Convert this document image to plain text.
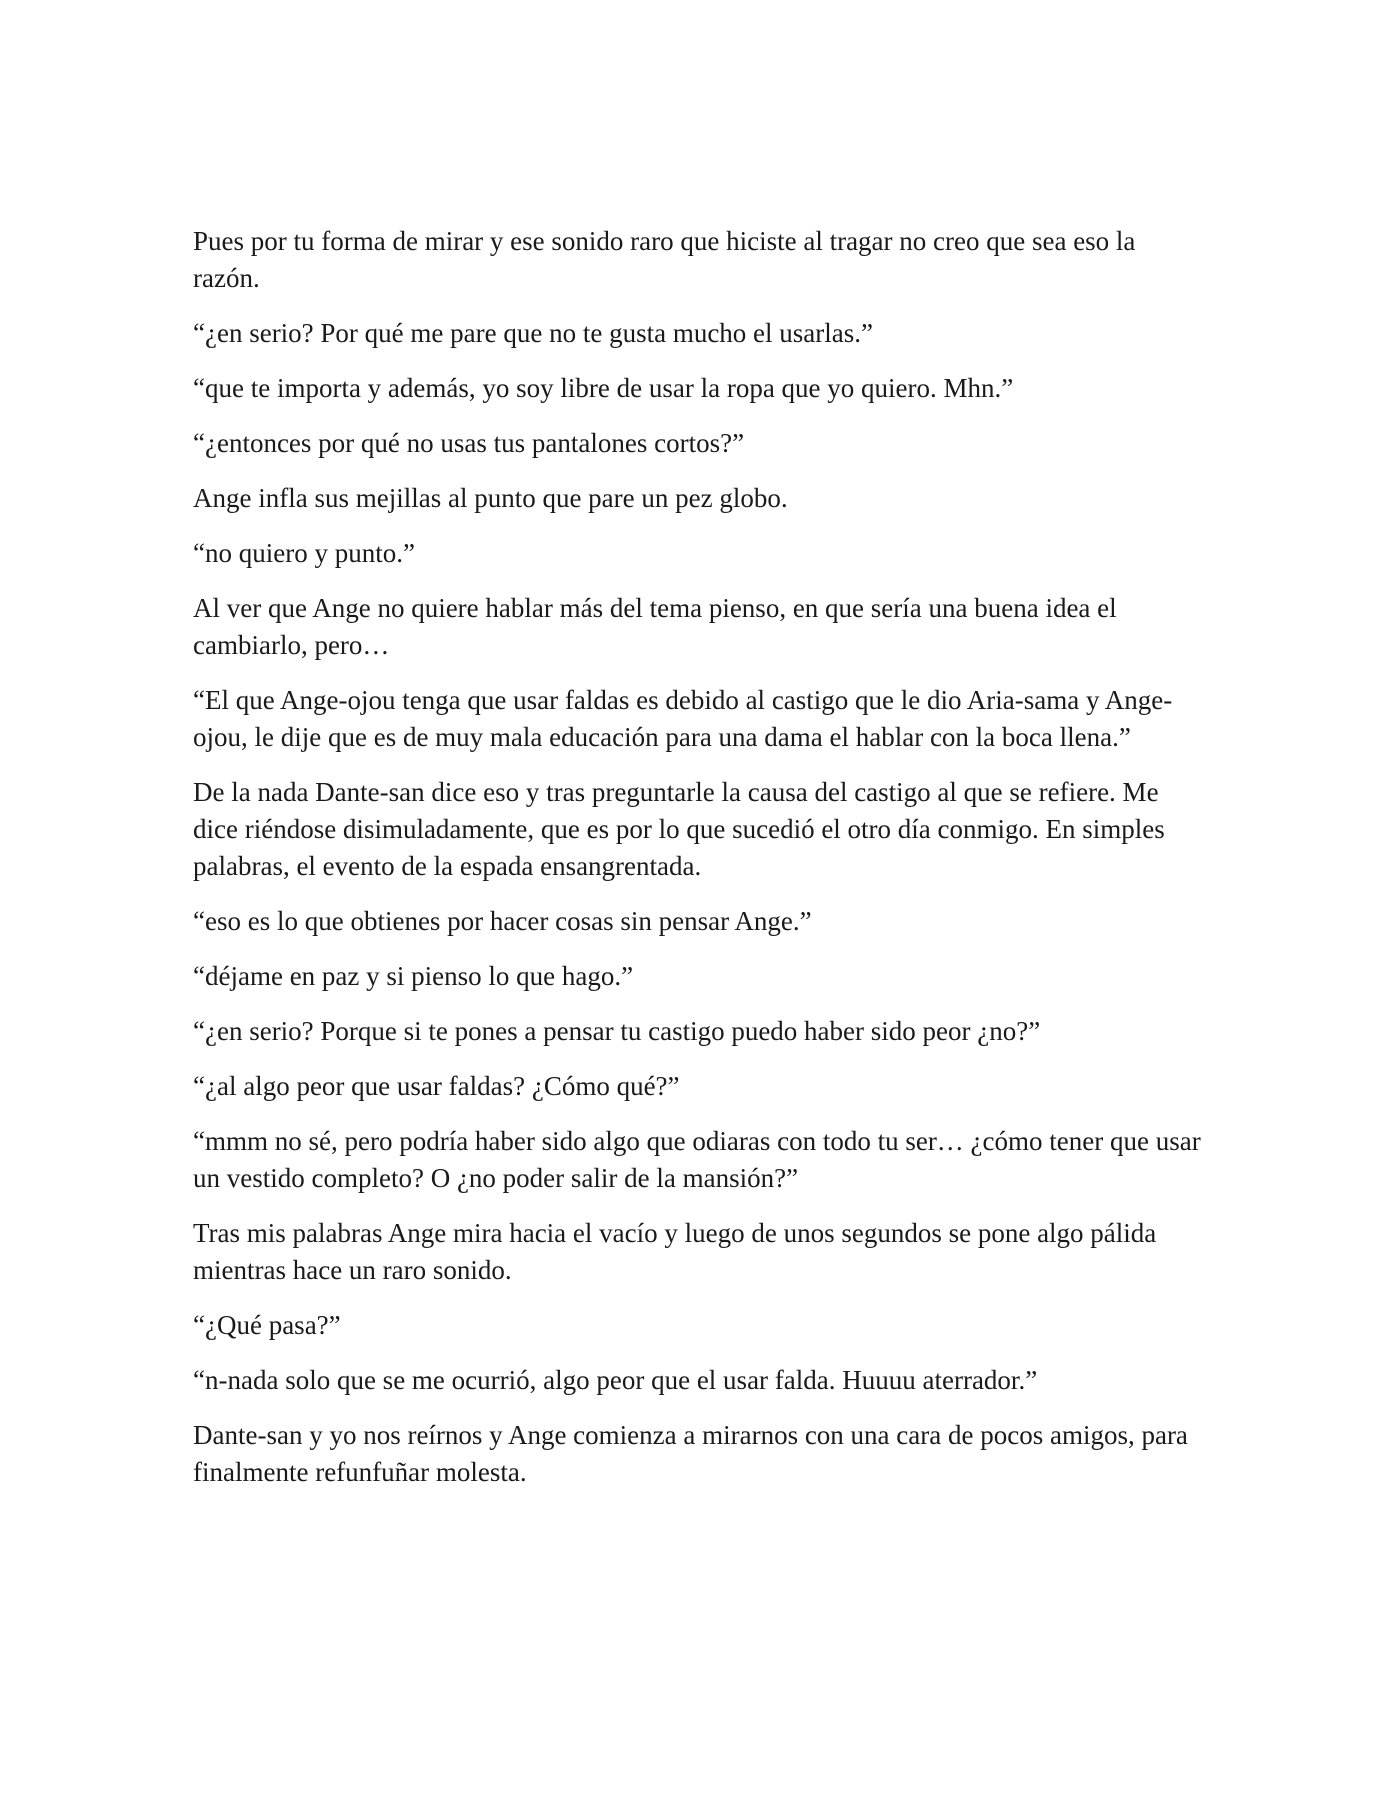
Pues por tu forma de mirar y ese sonido raro que hiciste al tragar no creo que sea eso la razón.

“¿en serio? Por qué me pare que no te gusta mucho el usarlas.”

“que te importa y además, yo soy libre de usar la ropa que yo quiero. Mhn.”

“¿entonces por qué no usas tus pantalones cortos?”

Ange infla sus mejillas al punto que pare un pez globo.

“no quiero y punto.”

Al ver que Ange no quiere hablar más del tema pienso, en que sería una buena idea el cambiarlo, pero…

“El que Ange-ojou tenga que usar faldas es debido al castigo que le dio Aria-sama y Ange-ojou, le dije que es de muy mala educación para una dama el hablar con la boca llena.”

De la nada Dante-san dice eso y tras preguntarle la causa del castigo al que se refiere. Me dice riéndose disimuladamente, que es por lo que sucedió el otro día conmigo. En simples palabras, el evento de la espada ensangrentada.

“eso es lo que obtienes por hacer cosas sin pensar Ange.”

“déjame en paz y si pienso lo que hago.”

“¿en serio? Porque si te pones a pensar tu castigo puedo haber sido peor ¿no?”

“¿al algo peor que usar faldas? ¿Cómo qué?”

“mmm no sé, pero podría haber sido algo que odiaras con todo tu ser… ¿cómo tener que usar un vestido completo? O ¿no poder salir de la mansión?”

Tras mis palabras Ange mira hacia el vacío y luego de unos segundos se pone algo pálida mientras hace un raro sonido.

“¿Qué pasa?”

“n-nada solo que se me ocurrió, algo peor que el usar falda. Huuuu aterrador.”

Dante-san y yo nos reírnos y Ange comienza a mirarnos con una cara de pocos amigos, para finalmente refunfuñar molesta.
